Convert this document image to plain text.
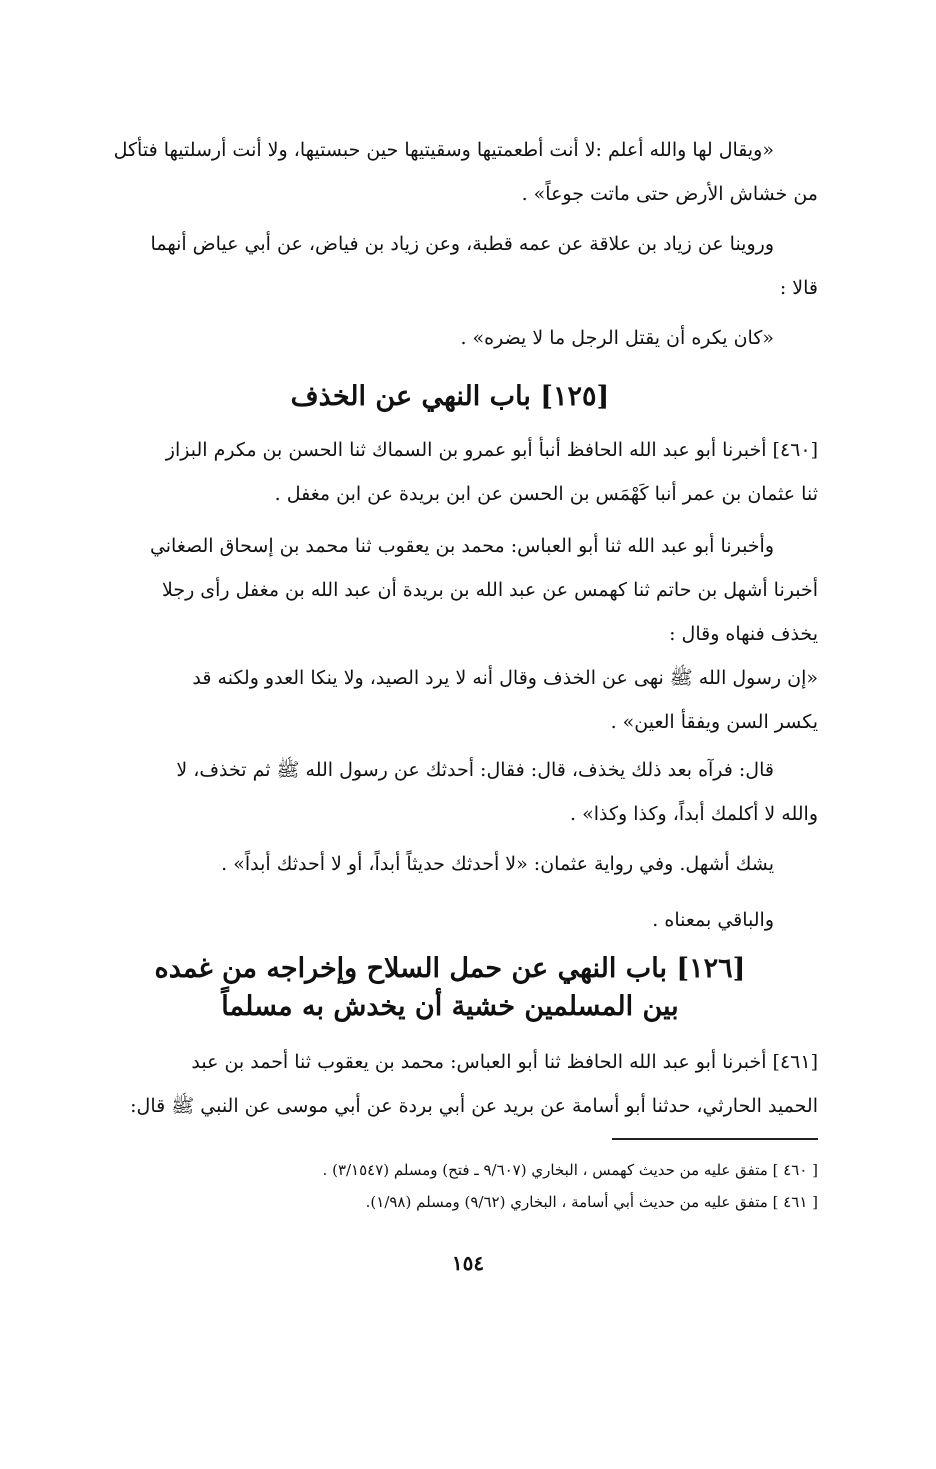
«ويقال لها والله أعلم :لا أنت أطعمتيها وسقيتيها حين حبستيها، ولا أنت أرسلتيها فتأكل
من خشاش الأرض حتى ماتت جوعاً» .
وروينا عن زياد بن علاقة عن عمه قطبة، وعن زياد بن فياض، عن أبي عياض أنهما
قالا :
«كان يكره أن يقتل الرجل ما لا يضره» .
[١٢٥] باب النهي عن الخذف
[٤٦٠] أخبرنا أبو عبد الله الحافظ أنبأ أبو عمرو بن السماك ثنا الحسن بن مكرم البزاز
ثنا عثمان بن عمر أنبا كَهْمَس بن الحسن عن ابن بريدة عن ابن مغفل .
وأخبرنا أبو عبد الله ثنا أبو العباس: محمد بن يعقوب ثنا محمد بن إسحاق الصغاني
أخبرنا أشهل بن حاتم ثنا كهمس عن عبد الله بن بريدة أن عبد الله بن مغفل رأى رجلا
يخذف فنهاه وقال :
«إن رسول الله ﷺ نهى عن الخذف وقال أنه لا يرد الصيد، ولا ينكا العدو ولكنه قد
يكسر السن ويفقأ العين» .
قال: فرآه بعد ذلك يخذف، قال: فقال: أحدثك عن رسول الله ﷺ ثم تخذف، لا
والله لا أكلمك أبداً، وكذا وكذا» .
يشك أشهل. وفي رواية عثمان: «لا أحدثك حديثاً أبداً، أو لا أحدثك أبداً» .
والباقي بمعناه .
[١٢٦] باب النهي عن حمل السلاح وإخراجه من غمده
بين المسلمين خشية أن يخدش به مسلماً
[٤٦١] أخبرنا أبو عبد الله الحافظ ثنا أبو العباس: محمد بن يعقوب ثنا أحمد بن عبد
الحميد الحارثي، حدثنا أبو أسامة عن بريد عن أبي بردة عن أبي موسى عن النبي ﷺ قال:
[ ٤٦٠ ] متفق عليه من حديث كهمس ، البخاري (٩/٦٠٧ ـ فتح) ومسلم (٣/١٥٤٧) .
[ ٤٦١ ] متفق عليه من حديث أبي أسامة ، البخاري (٩/٦٢) ومسلم (١/٩٨).
١٥٤
